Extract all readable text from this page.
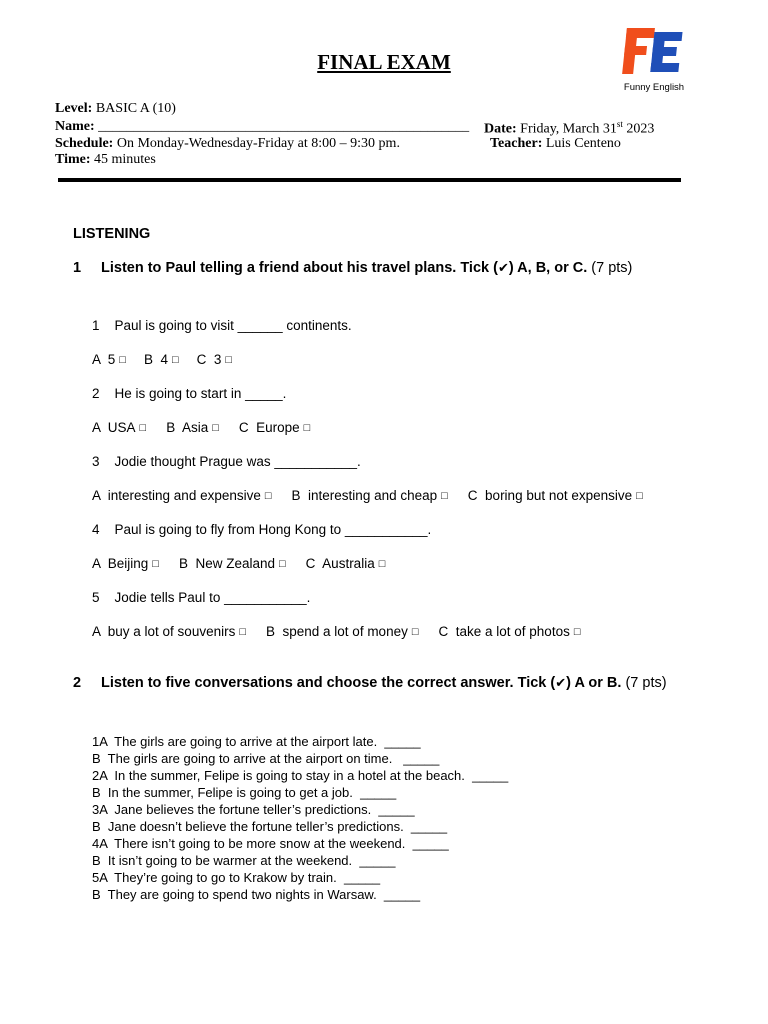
FINAL EXAM
Funny English
Level: BASIC A (10)
Name: _____________________________________________________ Date: Friday, March 31st 2023
Schedule: On Monday-Wednesday-Friday at 8:00 – 9:30 pm.	Teacher: Luis Centeno
Time: 45 minutes
LISTENING
1 Listen to Paul telling a friend about his travel plans. Tick (✔) A, B, or C. (7 pts)
1    Paul is going to visit ______ continents.
A  5 □ B  4 □ C  3 □
2    He is going to start in _____.
A  USA □ B  Asia □ C  Europe □
3    Jodie thought Prague was ___________.
A  interesting and expensive □ B  interesting and cheap □ C  boring but not expensive □
4    Paul is going to fly from Hong Kong to ___________.
A  Beijing □ B  New Zealand □ C  Australia □
5    Jodie tells Paul to ___________.
A  buy a lot of souvenirs □ B  spend a lot of money □ C  take a lot of photos □
2 Listen to five conversations and choose the correct answer. Tick (✔) A or B. (7 pts)
1A  The girls are going to arrive at the airport late.  _____
B  The girls are going to arrive at the airport on time.   _____
2A  In the summer, Felipe is going to stay in a hotel at the beach.  _____
B  In the summer, Felipe is going to get a job.  _____
3A  Jane believes the fortune teller’s predictions.  _____
B  Jane doesn’t believe the fortune teller’s predictions.  _____
4A  There isn’t going to be more snow at the weekend.  _____
B  It isn’t going to be warmer at the weekend.  _____
5A  They’re going to go to Krakow by train.  _____
B  They are going to spend two nights in Warsaw.  _____
